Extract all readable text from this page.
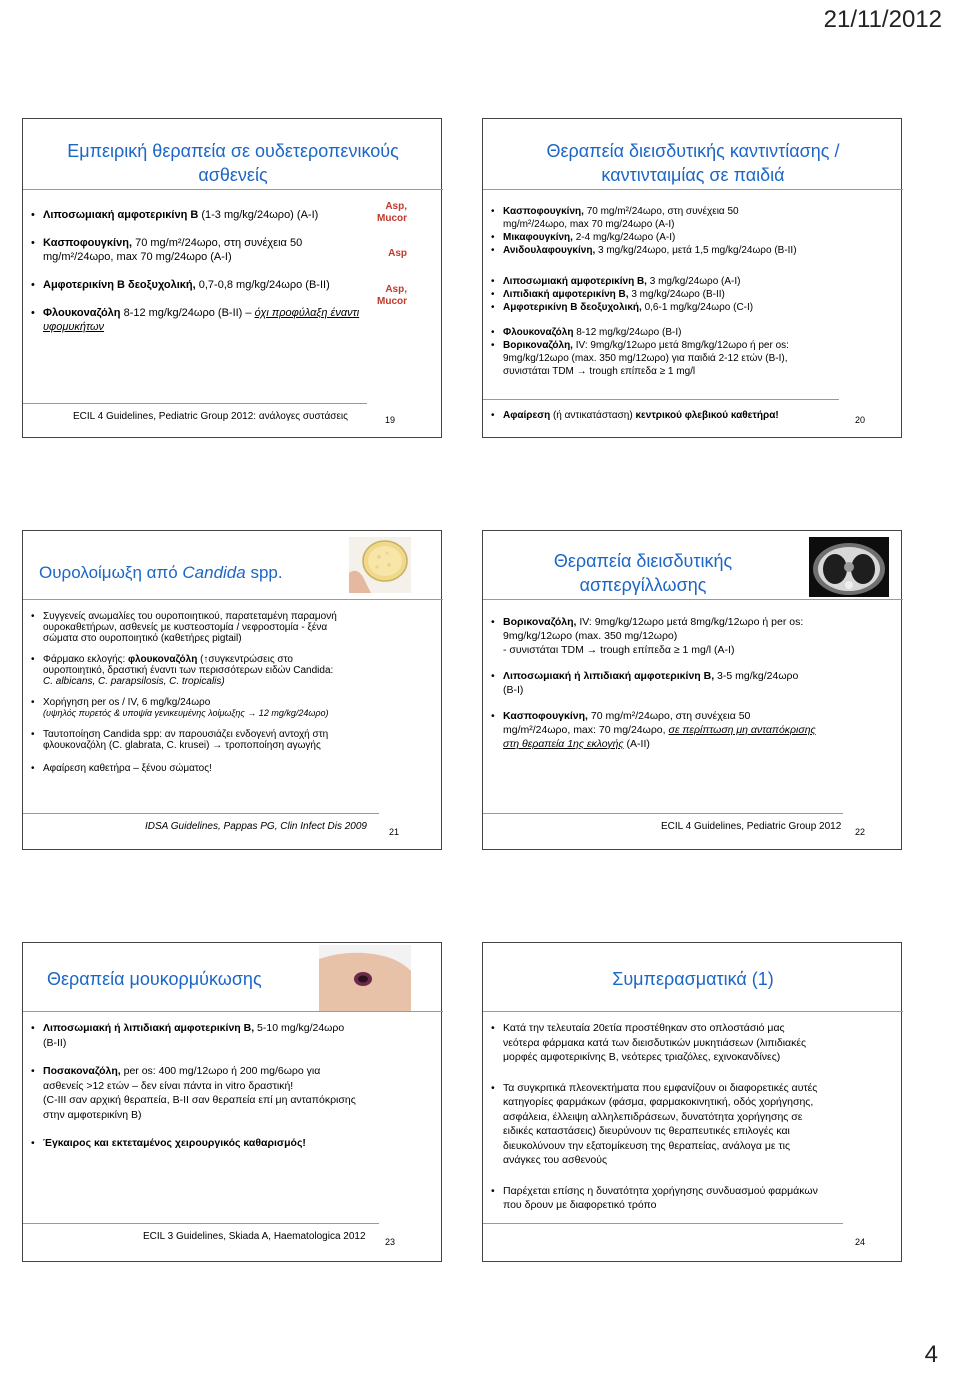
21/11/2012
Εμπειρική θεραπεία σε ουδετεροπενικούς
ασθενείς
• Λιποσωμιακή αμφοτερικίνη Β (1-3 mg/kg/24ωρο) (A-I)
• Κασποφουγκίνη, 70 mg/m²/24ωρο, στη συνέχεια 50
mg/m²/24ωρο, max 70 mg/24ωρο (A-I)
• Αμφοτερικίνη Β δεοξυχολική, 0,7-0,8 mg/kg/24ωρο (B-II)
• Φλουκοναζόλη 8-12 mg/kg/24ωρο (B-II) – όχι προφύλαξη έναντι
υφομυκήτων
Asp,
Mucor
Asp
Asp,
Mucor
ECIL 4 Guidelines, Pediatric Group 2012: ανάλογες συστάσεις	19
Θεραπεία διεισδυτικής καντιντίασης /
καντινταιμίας σε παιδιά
• Κασποφουγκίνη, 70 mg/m²/24ωρο, στη συνέχεια 50
mg/m²/24ωρο, max 70 mg/24ωρο (A-I)
• Μικαφουγκίνη, 2-4 mg/kg/24ωρο (A-I)
• Ανιδουλαφουγκίνη, 3 mg/kg/24ωρο, μετά 1,5 mg/kg/24ωρο (B-II)
• Λιποσωμιακή αμφοτερικίνη Β, 3 mg/kg/24ωρο (A-I)
• Λιπιδιακή αμφοτερικίνη Β, 3 mg/kg/24ωρο (B-II)
• Αμφοτερικίνη Β δεοξυχολική, 0,6-1 mg/kg/24ωρο (C-I)
• Φλουκοναζόλη 8-12 mg/kg/24ωρο (B-I)
• Βορικοναζόλη, IV: 9mg/kg/12ωρο μετά 8mg/kg/12ωρο ή per os:
9mg/kg/12ωρο (max. 350 mg/12ωρο) για παιδιά 2-12 ετών (B-I),
συνιστάται TDM → trough επίπεδα ≥ 1 mg/l
• Αφαίρεση (ή αντικατάσταση) κεντρικού φλεβικού καθετήρα!	20
Ουρολοίμωξη από Candida spp.
• Συγγενείς ανωμαλίες του ουροποιητικού, παρατεταμένη παραμονή
ουροκαθετήρων, ασθενείς με κυστεοστομία / νεφροστομία - ξένα
σώματα στο ουροποιητικό (καθετήρες pigtail)
• Φάρμακο εκλογής: φλουκοναζόλη (↑συγκεντρώσεις στο
ουροποιητικό, δραστική έναντι των περισσότερων ειδών Candida:
C. albicans, C. parapsilosis, C. tropicalis)
• Χορήγηση per os / IV, 6 mg/kg/24ωρο
(υψηλός πυρετός & υποψία γενικευμένης λοίμωξης → 12 mg/kg/24ωρο)
• Ταυτοποίηση Candida spp: αν παρουσιάζει ενδογενή αντοχή στη
φλουκοναζόλη (C. glabrata, C. krusei) → τροποποίηση αγωγής
• Αφαίρεση καθετήρα – ξένου σώματος!
IDSA Guidelines, Pappas PG, Clin Infect Dis 2009 21
Θεραπεία διεισδυτικής
ασπεργίλλωσης
• Βορικοναζόλη, IV: 9mg/kg/12ωρο μετά 8mg/kg/12ωρο ή per os:
9mg/kg/12ωρο (max. 350 mg/12ωρο)
- συνιστάται TDM → trough επίπεδα ≥ 1 mg/l (A-I)
• Λιποσωμιακή ή λιπιδιακή αμφοτερικίνη Β, 3-5 mg/kg/24ωρο
(B-I)
• Κασποφουγκίνη, 70 mg/m²/24ωρο, στη συνέχεια 50
mg/m²/24ωρο, max: 70 mg/24ωρο, σε περίπτωση μη ανταπόκρισης
στη θεραπεία 1ης εκλογής (A-II)
ECIL 4 Guidelines, Pediatric Group 2012 22
Θεραπεία μουκορμύκωσης
• Λιποσωμιακή ή λιπιδιακή αμφοτερικίνη Β, 5-10 mg/kg/24ωρο
(B-II)
• Ποσακοναζόλη, per os: 400 mg/12ωρο ή 200 mg/6ωρο για
ασθενείς >12 ετών – δεν είναι πάντα in vitro δραστική!
(C-III σαν αρχική θεραπεία, B-II σαν θεραπεία επί μη ανταπόκρισης
στην αμφοτερικίνη Β)
• Έγκαιρος και εκτεταμένος χειρουργικός καθαρισμός!
ECIL 3 Guidelines, Skiada A, Haematologica 2012 23
Συμπερασματικά (1)
• Κατά την τελευταία 20ετία προστέθηκαν στο οπλοστάσιό μας
νεότερα φάρμακα κατά των διεισδυτικών μυκητιάσεων (λιπιδιακές
μορφές αμφοτερικίνης Β, νεότερες τριαζόλες, εχινοκανδίνες)
• Τα συγκριτικά πλεονεκτήματα που εμφανίζουν οι διαφορετικές αυτές
κατηγορίες φαρμάκων (φάσμα, φαρμακοκινητική, οδός χορήγησης,
ασφάλεια, έλλειψη αλληλεπιδράσεων, δυνατότητα χορήγησης σε
ειδικές καταστάσεις) διευρύνουν τις θεραπευτικές επιλογές και
διευκολύνουν την εξατομίκευση της θεραπείας, ανάλογα με τις
ανάγκες του ασθενούς
• Παρέχεται επίσης η δυνατότητα χορήγησης συνδυασμού φαρμάκων
που δρουν με διαφορετικό τρόπο
24
4
